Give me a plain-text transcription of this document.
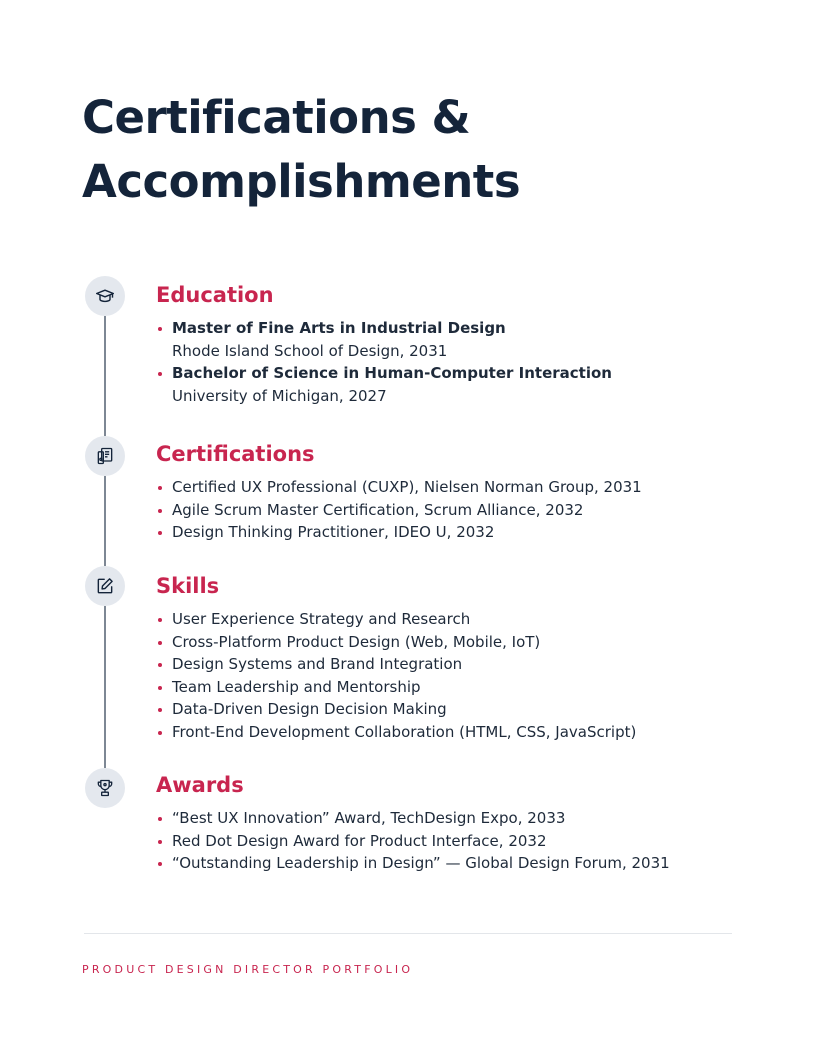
Certifications & Accomplishments
Education
Master of Fine Arts in Industrial Design
Rhode Island School of Design, 2031
Bachelor of Science in Human-Computer Interaction
University of Michigan, 2027
Certifications
Certified UX Professional (CUXP), Nielsen Norman Group, 2031
Agile Scrum Master Certification, Scrum Alliance, 2032
Design Thinking Practitioner, IDEO U, 2032
Skills
User Experience Strategy and Research
Cross-Platform Product Design (Web, Mobile, IoT)
Design Systems and Brand Integration
Team Leadership and Mentorship
Data-Driven Design Decision Making
Front-End Development Collaboration (HTML, CSS, JavaScript)
Awards
“Best UX Innovation” Award, TechDesign Expo, 2033
Red Dot Design Award for Product Interface, 2032
“Outstanding Leadership in Design” — Global Design Forum, 2031
PRODUCT DESIGN DIRECTOR PORTFOLIO
